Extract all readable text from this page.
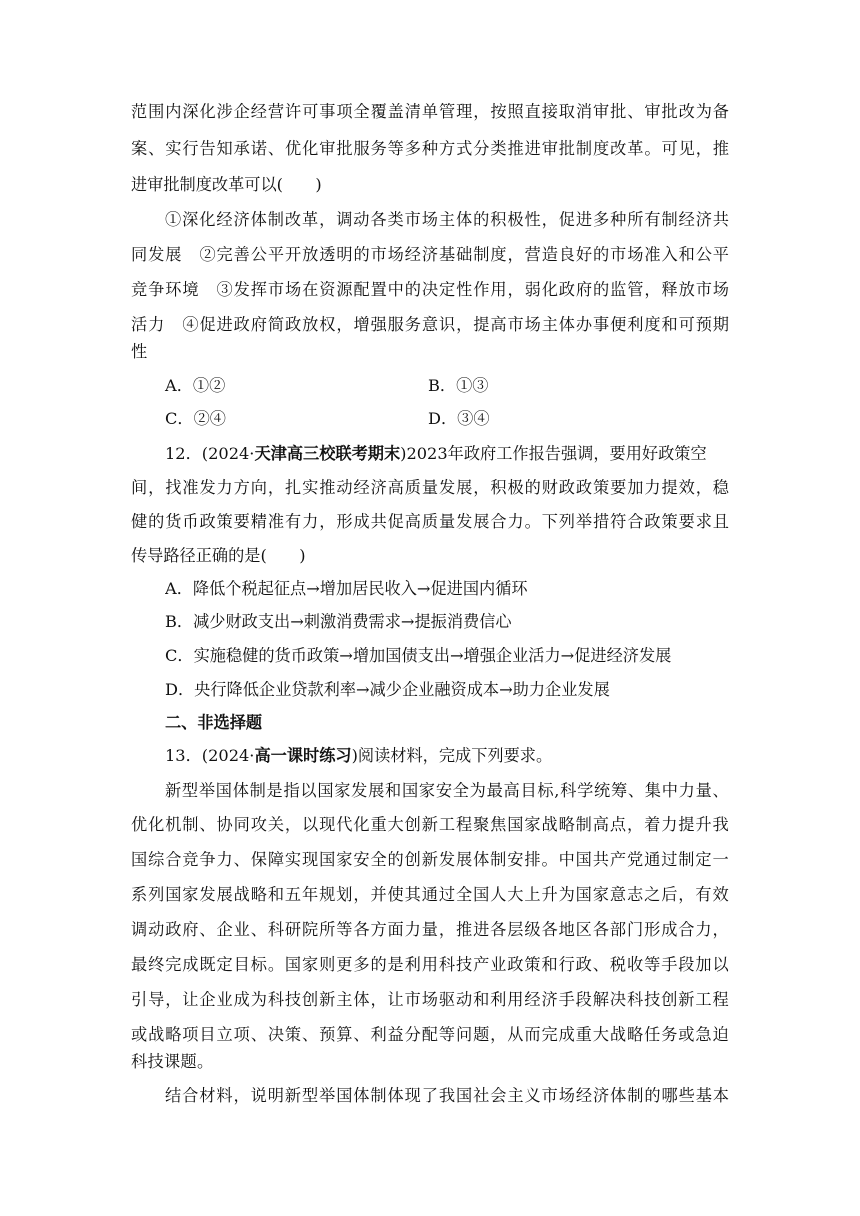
范围内深化涉企经营许可事项全覆盖清单管理，按照直接取消审批、审批改为备

案、实行告知承诺、优化审批服务等多种方式分类推进审批制度改革。可见，推

进审批制度改革可以(　　)

①深化经济体制改革，调动各类市场主体的积极性，促进多种所有制经济共

同发展　②完善公平开放透明的市场经济基础制度，营造良好的市场准入和公平

竞争环境　③发挥市场在资源配置中的决定性作用，弱化政府的监管，释放市场

活力　④促进政府简政放权，增强服务意识，提高市场主体办事便利度和可预期

性

A．①②	B．①③

C．②④	D．③④

12．(2024·天津高三校联考期末)2023年政府工作报告强调，要用好政策空

间，找准发力方向，扎实推动经济高质量发展，积极的财政政策要加力提效，稳

健的货币政策要精准有力，形成共促高质量发展合力。下列举措符合政策要求且

传导路径正确的是(　　)

A．降低个税起征点→增加居民收入→促进国内循环

B．减少财政支出→刺激消费需求→提振消费信心

C．实施稳健的货币政策→增加国债支出→增强企业活力→促进经济发展

D．央行降低企业贷款利率→减少企业融资成本→助力企业发展

二、非选择题

13．(2024·高一课时练习)阅读材料，完成下列要求。

新型举国体制是指以国家发展和国家安全为最高目标,科学统筹、集中力量、

优化机制、协同攻关，以现代化重大创新工程聚焦国家战略制高点，着力提升我

国综合竞争力、保障实现国家安全的创新发展体制安排。中国共产党通过制定一

系列国家发展战略和五年规划，并使其通过全国人大上升为国家意志之后，有效

调动政府、企业、科研院所等各方面力量，推进各层级各地区各部门形成合力，

最终完成既定目标。国家则更多的是利用科技产业政策和行政、税收等手段加以

引导，让企业成为科技创新主体，让市场驱动和利用经济手段解决科技创新工程

或战略项目立项、决策、预算、利益分配等问题，从而完成重大战略任务或急迫

科技课题。

结合材料，说明新型举国体制体现了我国社会主义市场经济体制的哪些基本
